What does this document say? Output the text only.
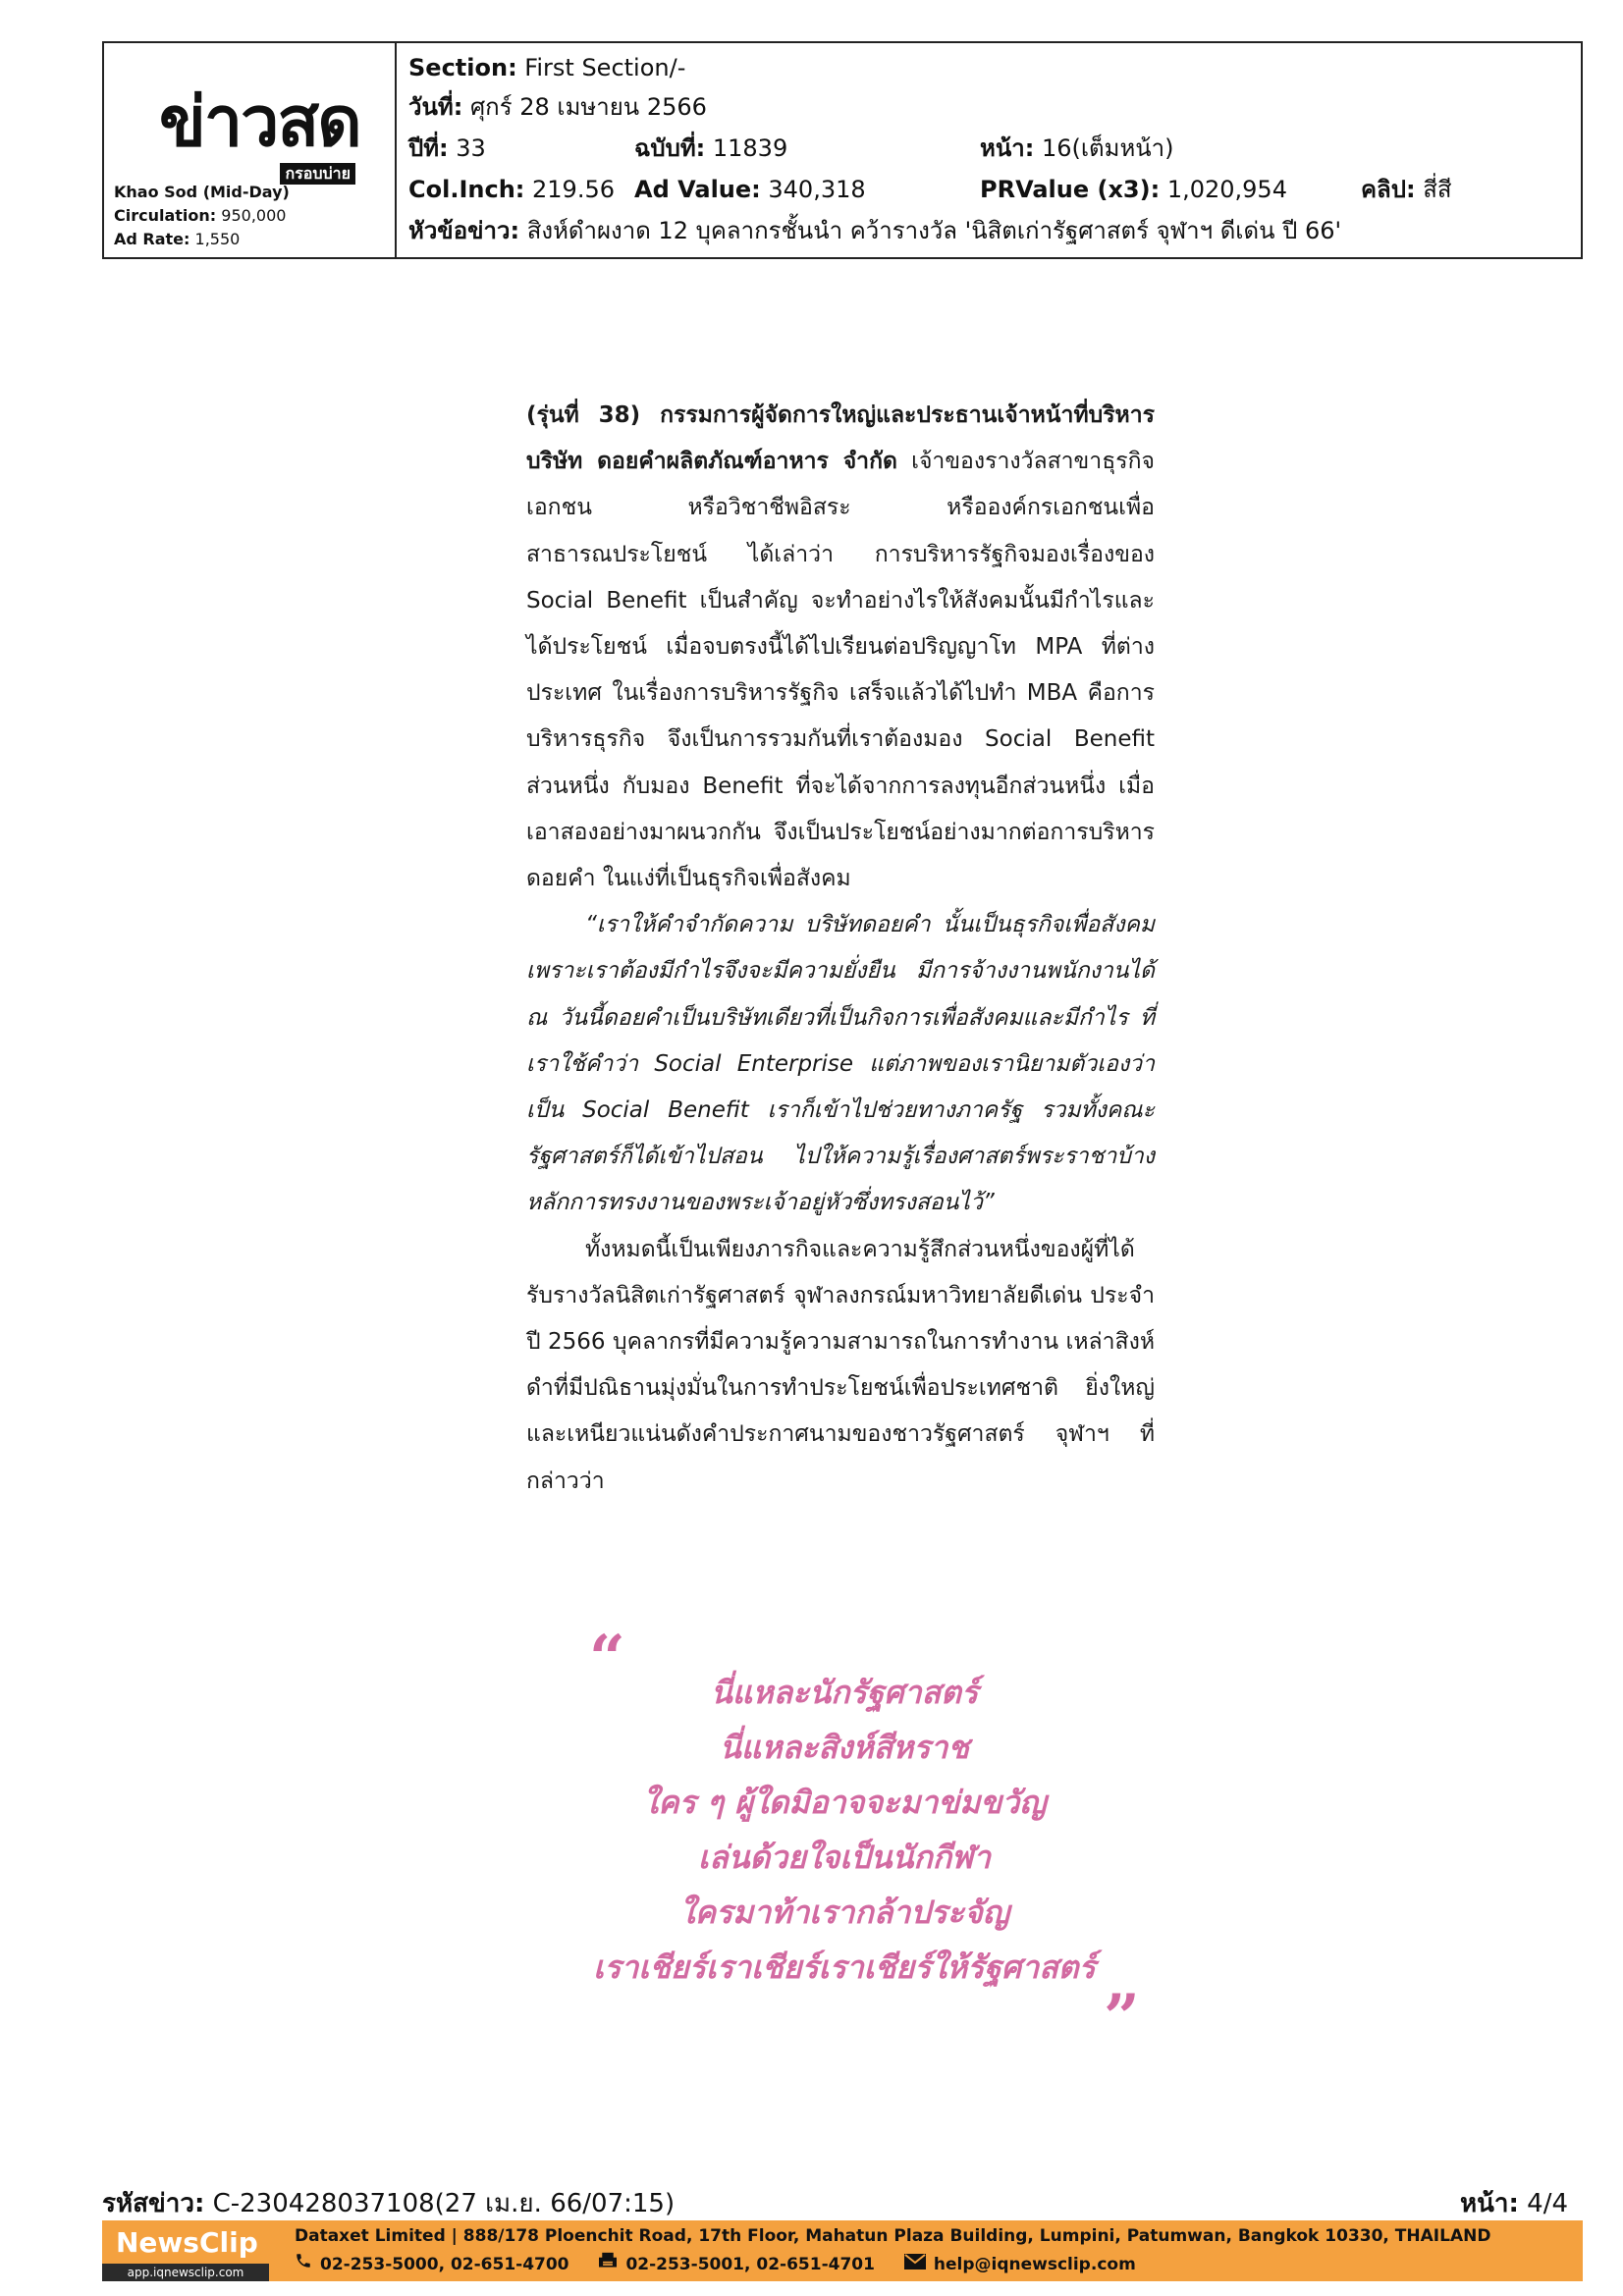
ข่าวสด
กรอบบ่าย
Khao Sod (Mid-Day)
Circulation: 950,000
Ad Rate: 1,550
Section: First Section/-
วันที่: ศุกร์ 28 เมษายน 2566
ปีที่: 33	ฉบับที่: 11839	หน้า: 16(เต็มหน้า)
Col.Inch: 219.56 Ad Value: 340,318	PRValue (x3): 1,020,954	คลิป: สี่สี
หัวข้อข่าว: สิงห์ดำผงาด 12 บุคลากรชั้นนำ คว้ารางวัล 'นิสิตเก่ารัฐศาสตร์ จุฬาฯ ดีเด่น ปี 66'

(รุ่นที่ 38) กรรมการผู้จัดการใหญ่และประธานเจ้าหน้าที่บริหารบริษัท ดอยคำผลิตภัณฑ์อาหาร จำกัด เจ้าของรางวัลสาขาธุรกิจเอกชน หรือวิชาชีพอิสระ หรือองค์กรเอกชนเพื่อสาธารณประโยชน์ ได้เล่าว่า การบริหารรัฐกิจมองเรื่องของ Social Benefit เป็นสำคัญ จะทำอย่างไรให้สังคมนั้นมีกำไรและได้ประโยชน์ เมื่อจบตรงนี้ได้ไปเรียนต่อปริญญาโท MPA ที่ต่างประเทศ ในเรื่องการบริหารรัฐกิจ เสร็จแล้วได้ไปทำ MBA คือการบริหารธุรกิจ จึงเป็นการรวมกันที่เราต้องมอง Social Benefit ส่วนหนึ่ง กับมอง Benefit ที่จะได้จากการลงทุนอีกส่วนหนึ่ง เมื่อเอาสองอย่างมาผนวกกัน จึงเป็นประโยชน์อย่างมากต่อการบริหารดอยคำ ในแง่ที่เป็นธุรกิจเพื่อสังคม

“เราให้คำจำกัดความ บริษัทดอยคำ นั้นเป็นธุรกิจเพื่อสังคม เพราะเราต้องมีกำไรจึงจะมีความยั่งยืน มีการจ้างงานพนักงานได้ ณ วันนี้ดอยคำเป็นบริษัทเดียวที่เป็นกิจการเพื่อสังคมและมีกำไร ที่เราใช้คำว่า Social Enterprise แต่ภาพของเรานิยามตัวเองว่าเป็น Social Benefit เราก็เข้าไปช่วยทางภาครัฐ รวมทั้งคณะรัฐศาสตร์ก็ได้เข้าไปสอน ไปให้ความรู้เรื่องศาสตร์พระราชาบ้าง หลักการทรงงานของพระเจ้าอยู่หัวซึ่งทรงสอนไว้”

ทั้งหมดนี้เป็นเพียงภารกิจและความรู้สึกส่วนหนึ่งของผู้ที่ได้รับรางวัลนิสิตเก่ารัฐศาสตร์ จุฬาลงกรณ์มหาวิทยาลัยดีเด่น ประจำปี 2566 บุคลากรที่มีความรู้ความสามารถในการทำงาน เหล่าสิงห์ดำที่มีปณิธานมุ่งมั่นในการทำประโยชน์เพื่อประเทศชาติ ยิ่งใหญ่และเหนียวแน่นดังคำประกาศนามของชาวรัฐศาสตร์ จุฬาฯ ที่กล่าวว่า

“	นี่แหละนักรัฐศาสตร์
นี่แหละสิงห์สีหราช
ใคร ๆ ผู้ใดมิอาจจะมาข่มขวัญ
เล่นด้วยใจเป็นนักกีฬา
ใครมาท้าเรากล้าประจัญ
เราเชียร์เราเชียร์เราเชียร์ให้รัฐศาสตร์
”
รหัสข่าว: C-230428037108(27 เม.ย. 66/07:15)	หน้า: 4/4
NewsClip
app.iqnewsclip.com
Dataxet Limited | 888/178 Ploenchit Road, 17th Floor, Mahatun Plaza Building, Lumpini, Patumwan, Bangkok 10330, THAILAND
02-253-5000, 02-651-4700	02-253-5001, 02-651-4701	help@iqnewsclip.com
